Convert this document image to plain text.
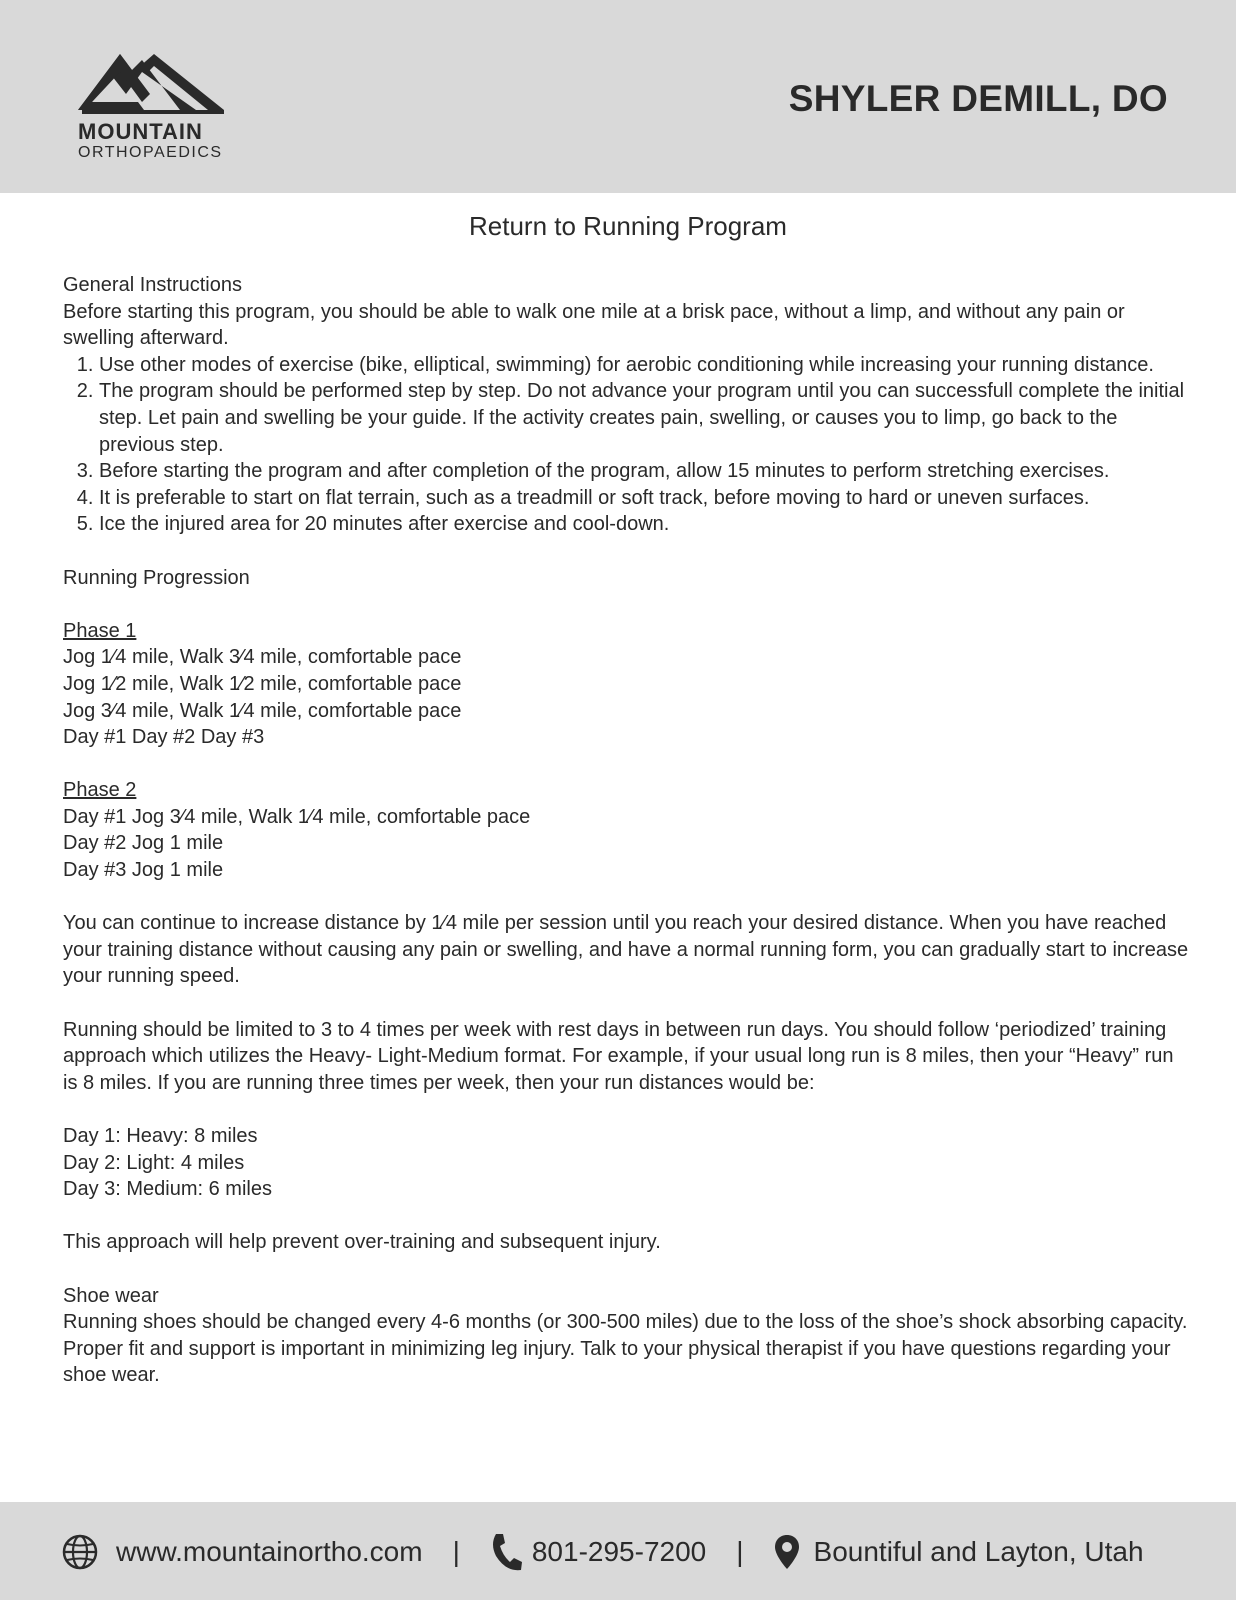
MOUNTAIN
ORTHOPAEDICS
SHYLER DEMILL, DO
Return to Running Program

General Instructions

Before starting this program, you should be able to walk one mile at a brisk pace, without a limp, and without any pain or swelling afterward.

1. Use other modes of exercise (bike, elliptical, swimming) for aerobic conditioning while increasing your running distance.
2. The program should be performed step by step. Do not advance your program until you can successfull complete the initial step. Let pain and swelling be your guide. If the activity creates pain, swelling, or causes you to limp, go back to the previous step.
3. Before starting the program and after completion of the program, allow 15 minutes to perform stretching exercises.
4. It is preferable to start on flat terrain, such as a treadmill or soft track, before moving to hard or uneven surfaces.
5. Ice the injured area for 20 minutes after exercise and cool-down.

Running Progression

Phase 1

Jog 1⁄4 mile, Walk 3⁄4 mile, comfortable pace

Jog 1⁄2 mile, Walk 1⁄2 mile, comfortable pace

Jog 3⁄4 mile, Walk 1⁄4 mile, comfortable pace

Day #1 Day #2 Day #3

Phase 2

Day #1 Jog 3⁄4 mile, Walk 1⁄4 mile, comfortable pace

Day #2 Jog 1 mile

Day #3 Jog 1 mile

You can continue to increase distance by 1⁄4 mile per session until you reach your desired distance. When you have reached your training distance without causing any pain or swelling, and have a normal running form, you can gradually start to increase your running speed.

Running should be limited to 3 to 4 times per week with rest days in between run days. You should follow ‘periodized’ training approach which utilizes the Heavy- Light-Medium format. For example, if your usual long run is 8 miles, then your “Heavy” run is 8 miles. If you are running three times per week, then your run distances would be:

Day 1: Heavy: 8 miles

Day 2: Light: 4 miles

Day 3: Medium: 6 miles

This approach will help prevent over-training and subsequent injury.

Shoe wear

Running shoes should be changed every 4-6 months (or 300-500 miles) due to the loss of the shoe’s shock absorbing capacity. Proper fit and support is important in minimizing leg injury. Talk to your physical therapist if you have questions regarding your shoe wear.

www.mountainortho.com |	801-295-7200 |	Bountiful and Layton, Utah
